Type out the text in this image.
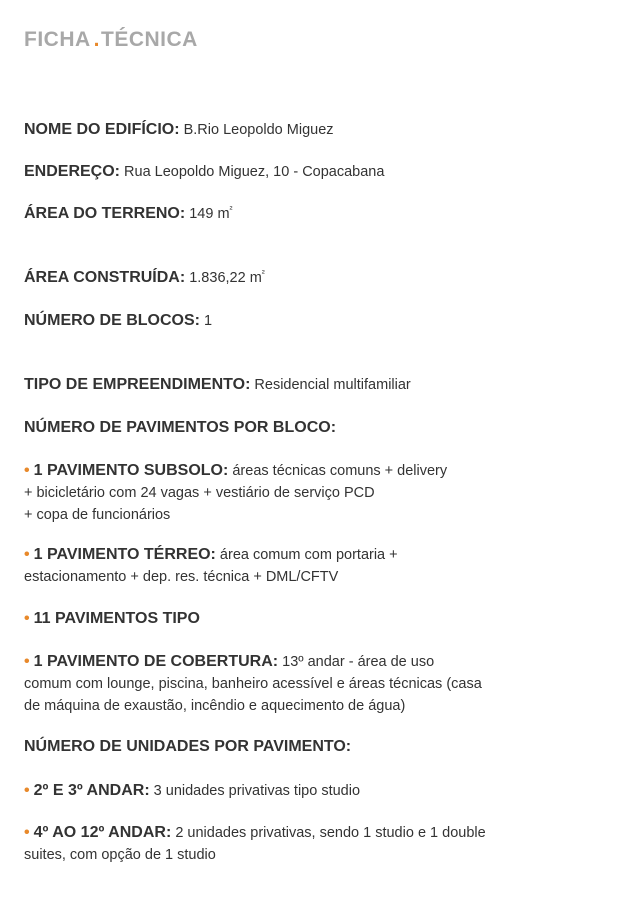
FICHA .TÉCNICA
NOME DO EDIFÍCIO: B.Rio Leopoldo Miguez
ENDEREÇO: Rua Leopoldo Miguez, 10 - Copacabana
ÁREA DO TERRENO: 149 $m^{^2}$
ÁREA CONSTRUÍDA: 1.836,22 $m^{^2}$
NÚMERO DE BLOCOS: 1
TIPO DE EMPREENDIMENTO: Residencial multifamiliar
NÚMERO DE PAVIMENTOS POR BLOCO:
• 1 PAVIMENTO SUBSOLO: áreas técnicas comuns + delivery
+ bicicletário com 24 vagas + vestiário de serviço PCD
+ copa de funcionários
• 1 PAVIMENTO TÉRREO: área comum com portaria +
estacionamento + dep. res. técnica + DML/CFTV
• 11 PAVIMENTOS TIPO
• 1 PAVIMENTO DE COBERTURA: 13º andar - área de uso
comum com lounge, piscina, banheiro acessível e áreas técnicas (casa
de máquina de exaustão, incêndio e aquecimento de água)
NÚMERO DE UNIDADES POR PAVIMENTO:
• 2º E 3º ANDAR: 3 unidades privativas tipo studio
• 4º AO 12º ANDAR: 2 unidades privativas, sendo 1 studio e 1 double
suites, com opção de 1 studio
